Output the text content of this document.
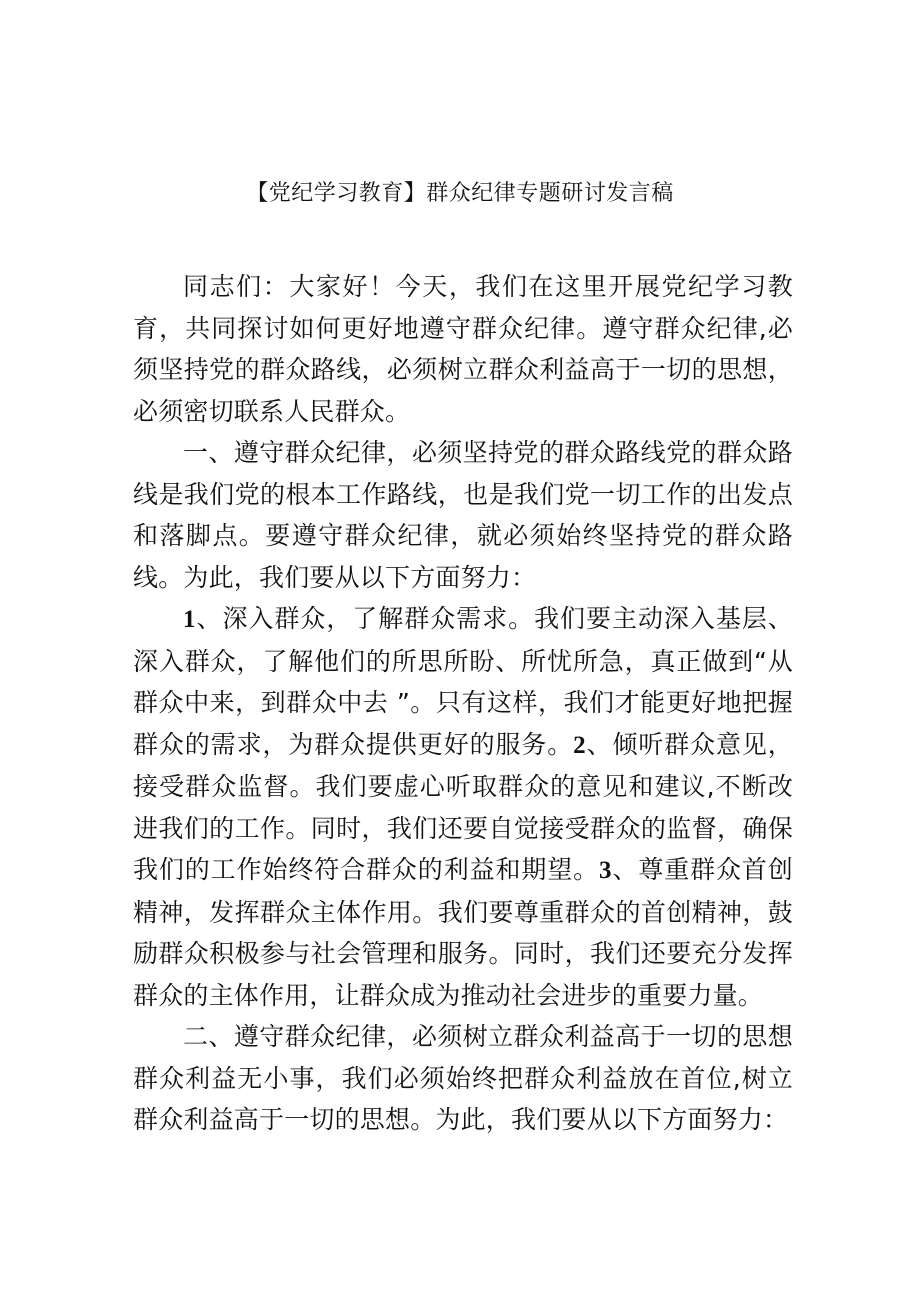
【党纪学习教育】群众纪律专题研讨发言稿

同志们：大家好！今天，我们在这里开展党纪学习教育，共同探讨如何更好地遵守群众纪律。遵守群众纪律,必须坚持党的群众路线，必须树立群众利益高于一切的思想，必须密切联系人民群众。

一、遵守群众纪律，必须坚持党的群众路线党的群众路线是我们党的根本工作路线，也是我们党一切工作的出发点和落脚点。要遵守群众纪律，就必须始终坚持党的群众路线。为此，我们要从以下方面努力：

1、深入群众，了解群众需求。我们要主动深入基层、深入群众，了解他们的所思所盼、所忧所急，真正做到“从群众中来，到群众中去 ”。只有这样，我们才能更好地把握群众的需求，为群众提供更好的服务。2、倾听群众意见，接受群众监督。我们要虚心听取群众的意见和建议,不断改进我们的工作。同时，我们还要自觉接受群众的监督，确保我们的工作始终符合群众的利益和期望。3、尊重群众首创精神，发挥群众主体作用。我们要尊重群众的首创精神，鼓励群众积极参与社会管理和服务。同时，我们还要充分发挥群众的主体作用，让群众成为推动社会进步的重要力量。

二、遵守群众纪律，必须树立群众利益高于一切的思想群众利益无小事，我们必须始终把群众利益放在首位,树立群众利益高于一切的思想。为此，我们要从以下方面努力：
